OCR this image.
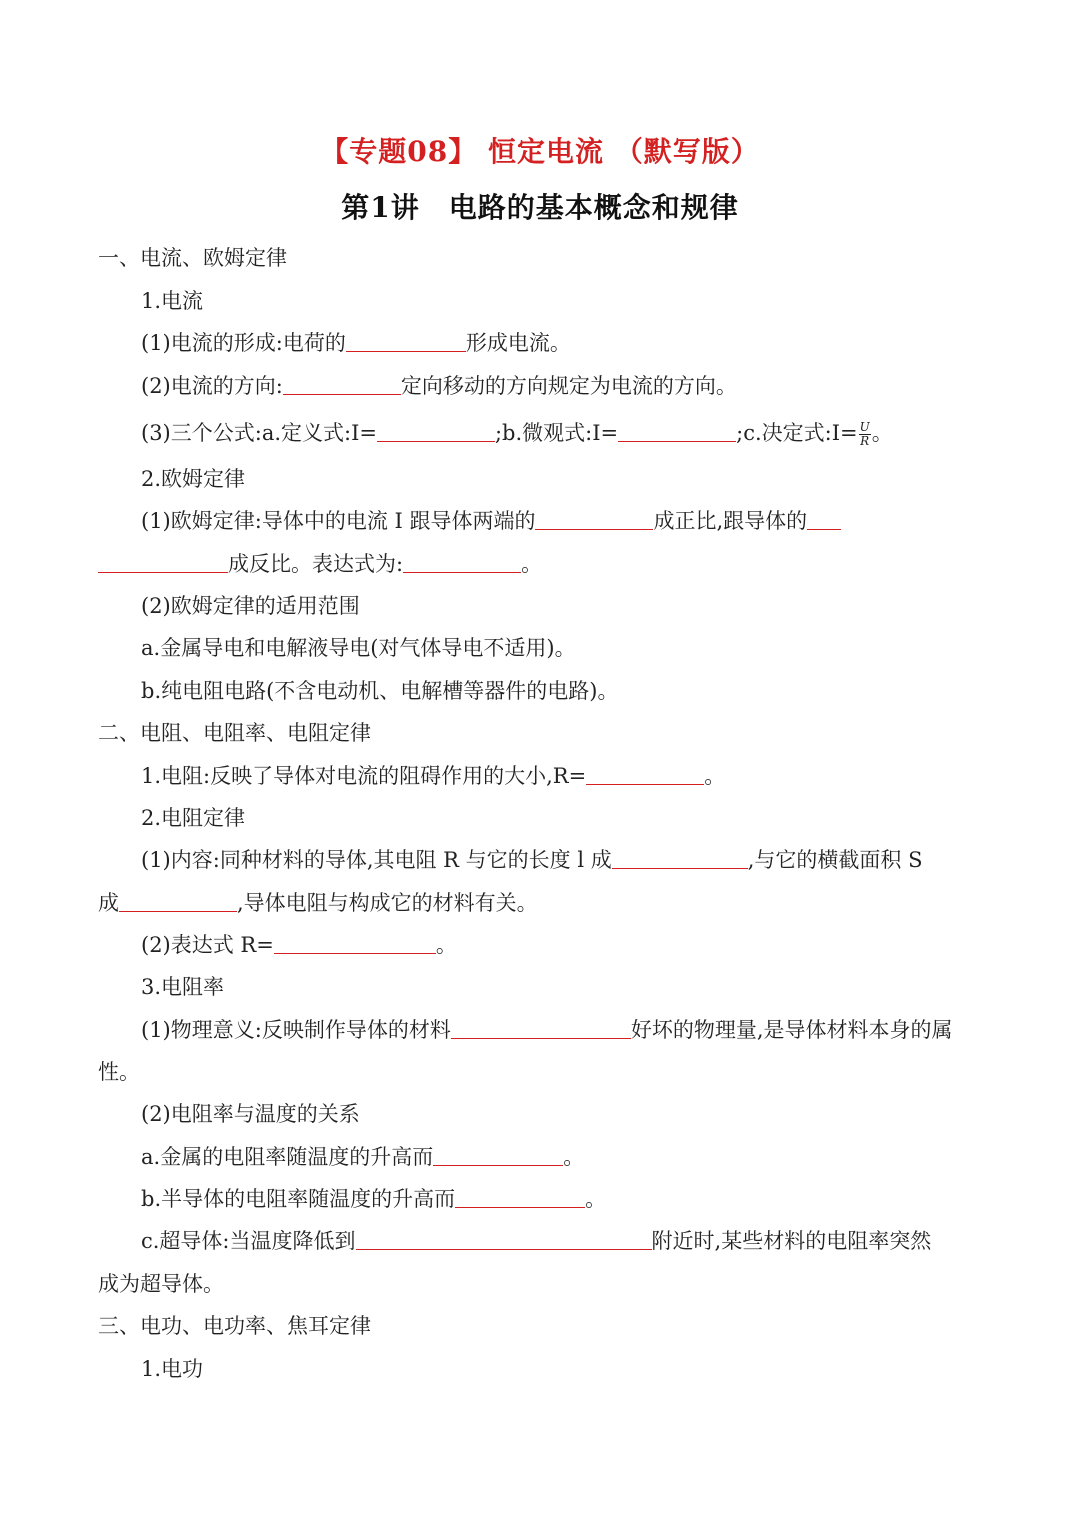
【专题08】 恒定电流 （默写版）
第1讲　电路的基本概念和规律
一、电流、欧姆定律
1.电流
(1)电流的形成:电荷的	形成电流。
(2)电流的方向:	定向移动的方向规定为电流的方向。
(3)三个公式:a.定义式:I=	;b.微观式:I=	;c.决定式:I= $\frac{U}{R}$ 。
2.欧姆定律
(1)欧姆定律:导体中的电流 I 跟导体两端的	成正比,跟导体的
成反比。表达式为:	。
(2)欧姆定律的适用范围
a.金属导电和电解液导电(对气体导电不适用)。
b.纯电阻电路(不含电动机、电解槽等器件的电路)。
二、电阻、电阻率、电阻定律
1.电阻:反映了导体对电流的阻碍作用的大小,R=	。
2.电阻定律
(1)内容:同种材料的导体,其电阻 R 与它的长度 l 成	,与它的横截面积 S
成	,导体电阻与构成它的材料有关。
(2)表达式 R=	。
3.电阻率
(1)物理意义:反映制作导体的材料	好坏的物理量,是导体材料本身的属
性。
(2)电阻率与温度的关系
a.金属的电阻率随温度的升高而	。
b.半导体的电阻率随温度的升高而	。
c.超导体:当温度降低到	附近时,某些材料的电阻率突然
成为超导体。
三、电功、电功率、焦耳定律
1.电功
